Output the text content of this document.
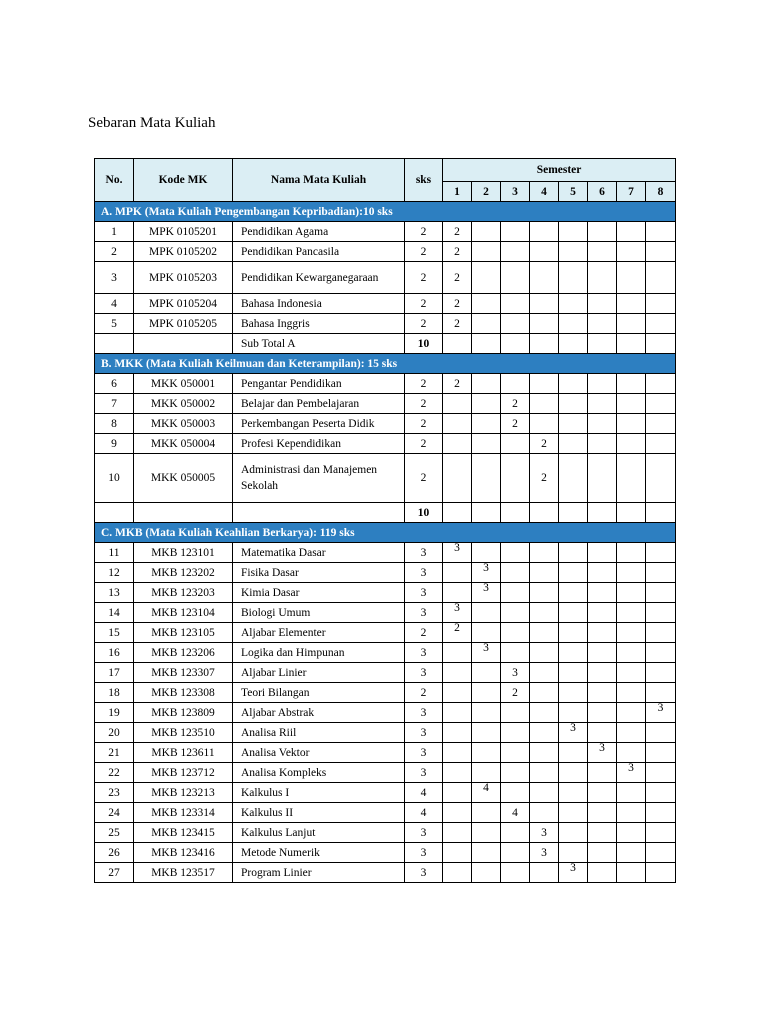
Sebaran Mata Kuliah
No.	Kode MK	Nama Mata Kuliah	sks	Semester							
				1	2	3	4	5	6	7	8
A. MPK (Mata Kuliah Pengembangan Kepribadian):10 sks											
1	MPK 0105201	Pendidikan Agama	2	2							
2	MPK 0105202	Pendidikan Pancasila	2	2							
3	MPK 0105203	Pendidikan Kewarganegaraan	2	2							
4	MPK 0105204	Bahasa Indonesia	2	2							
5	MPK 0105205	Bahasa Inggris	2	2							
		Sub Total A	10								
B. MKK (Mata Kuliah Keilmuan dan Keterampilan): 15 sks											
6	MKK 050001	Pengantar Pendidikan	2	2							
7	MKK 050002	Belajar dan Pembelajaran	2			2					
8	MKK 050003	Perkembangan Peserta Didik	2			2					
9	MKK 050004	Profesi Kependidikan	2				2				
10	MKK 050005	Administrasi dan Manajemen Sekolah	2				2				
			10								
C. MKB (Mata Kuliah Keahlian Berkarya): 119 sks											
11	MKB 123101	Matematika Dasar	3	3							
12	MKB 123202	Fisika Dasar	3		3						
13	MKB 123203	Kimia Dasar	3		3						
14	MKB 123104	Biologi Umum	3	3							
15	MKB 123105	Aljabar Elementer	2	2							
16	MKB 123206	Logika dan Himpunan	3		3						
17	MKB 123307	Aljabar Linier	3			3					
18	MKB 123308	Teori Bilangan	2			2					
19	MKB 123809	Aljabar Abstrak	3								3
20	MKB 123510	Analisa Riil	3					3			
21	MKB 123611	Analisa Vektor	3						3		
22	MKB 123712	Analisa Kompleks	3							3	
23	MKB 123213	Kalkulus I	4		4						
24	MKB 123314	Kalkulus II	4			4					
25	MKB 123415	Kalkulus Lanjut	3				3				
26	MKB 123416	Metode Numerik	3				3				
27	MKB 123517	Program Linier	3					3			
